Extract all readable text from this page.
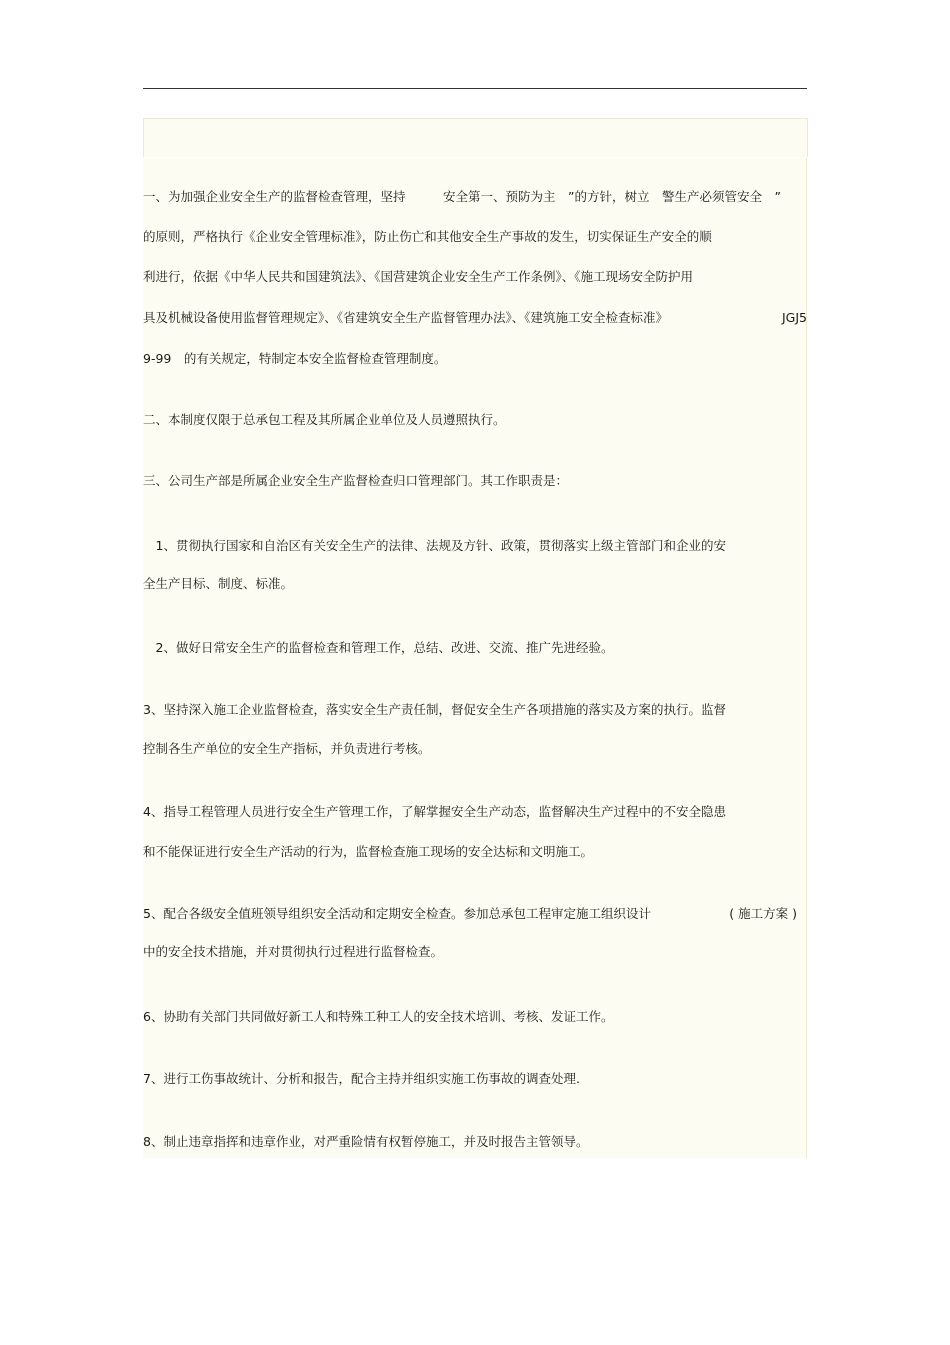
一、为加强企业安全生产的监督检查管理，坚持　　　安全第一、预防为主　”的方针，树立　警生产必须管安全　”
的原则，严格执行《企业安全管理标准》，防止伤亡和其他安全生产事故的发生，切实保证生产安全的顺
利进行，依据《中华人民共和国建筑法》、《国营建筑企业安全生产工作条例》、《施工现场安全防护用
具及机械设备使用监督管理规定》、《省建筑安全生产监督管理办法》、《建筑施工安全检查标准》	JGJ5
9-99　的有关规定，特制定本安全监督检查管理制度。
二、本制度仅限于总承包工程及其所属企业单位及人员遵照执行。
三、公司生产部是所属企业安全生产监督检查归口管理部门。其工作职责是：
　1、贯彻执行国家和自治区有关安全生产的法律、法规及方针、政策，贯彻落实上级主管部门和企业的安
全生产目标、制度、标准。
　2、做好日常安全生产的监督检查和管理工作，总结、改进、交流、推广先进经验。
3、坚持深入施工企业监督检查，落实安全生产责任制，督促安全生产各项措施的落实及方案的执行。监督
控制各生产单位的安全生产指标，并负责进行考核。
4、指导工程管理人员进行安全生产管理工作，了解掌握安全生产动态，监督解决生产过程中的不安全隐患
和不能保证进行安全生产活动的行为，监督检查施工现场的安全达标和文明施工。
5、配合各级安全值班领导组织安全活动和定期安全检查。参加总承包工程审定施工组织设计	( 施工方案 )
中的安全技术措施，并对贯彻执行过程进行监督检查。
6、协助有关部门共同做好新工人和特殊工种工人的安全技术培训、考核、发证工作。
7、进行工伤事故统计、分析和报告，配合主持并组织实施工伤事故的调查处理.
8、制止违章指挥和违章作业，对严重险情有权暂停施工，并及时报告主管领导。
